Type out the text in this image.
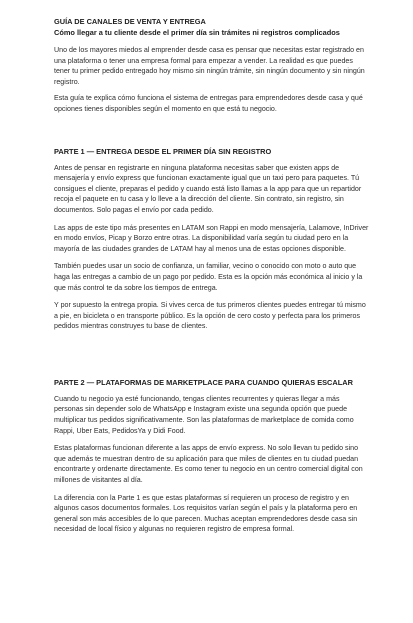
GUÍA DE CANALES DE VENTA Y ENTREGA
Cómo llegar a tu cliente desde el primer día sin trámites ni registros complicados

Uno de los mayores miedos al emprender desde casa es pensar que necesitas estar registrado en una plataforma o tener una empresa formal para empezar a vender. La realidad es que puedes tener tu primer pedido entregado hoy mismo sin ningún trámite, sin ningún documento y sin ningún registro.

Esta guía te explica cómo funciona el sistema de entregas para emprendedores desde casa y qué opciones tienes disponibles según el momento en que está tu negocio.

PARTE 1 — ENTREGA DESDE EL PRIMER DÍA SIN REGISTRO

Antes de pensar en registrarte en ninguna plataforma necesitas saber que existen apps de mensajería y envío express que funcionan exactamente igual que un taxi pero para paquetes. Tú consigues el cliente, preparas el pedido y cuando está listo llamas a la app para que un repartidor recoja el paquete en tu casa y lo lleve a la dirección del cliente. Sin contrato, sin registro, sin documentos. Solo pagas el envío por cada pedido.

Las apps de este tipo más presentes en LATAM son Rappi en modo mensajería, Lalamove, InDriver en modo envíos, Picap y Borzo entre otras. La disponibilidad varía según tu ciudad pero en la mayoría de las ciudades grandes de LATAM hay al menos una de estas opciones disponible.

También puedes usar un socio de confianza, un familiar, vecino o conocido con moto o auto que haga las entregas a cambio de un pago por pedido. Esta es la opción más económica al inicio y la que más control te da sobre los tiempos de entrega.

Y por supuesto la entrega propia. Si vives cerca de tus primeros clientes puedes entregar tú mismo a pie, en bicicleta o en transporte público. Es la opción de cero costo y perfecta para los primeros pedidos mientras construyes tu base de clientes.

PARTE 2 — PLATAFORMAS DE MARKETPLACE PARA CUANDO QUIERAS ESCALAR

Cuando tu negocio ya esté funcionando, tengas clientes recurrentes y quieras llegar a más personas sin depender solo de WhatsApp e Instagram existe una segunda opción que puede multiplicar tus pedidos significativamente. Son las plataformas de marketplace de comida como Rappi, Uber Eats, PedidosYa y Didi Food.

Estas plataformas funcionan diferente a las apps de envío express. No solo llevan tu pedido sino que además te muestran dentro de su aplicación para que miles de clientes en tu ciudad puedan encontrarte y ordenarte directamente. Es como tener tu negocio en un centro comercial digital con millones de visitantes al día.

La diferencia con la Parte 1 es que estas plataformas sí requieren un proceso de registro y en algunos casos documentos formales. Los requisitos varían según el país y la plataforma pero en general son más accesibles de lo que parecen. Muchas aceptan emprendedores desde casa sin necesidad de local físico y algunas no requieren registro de empresa formal.
